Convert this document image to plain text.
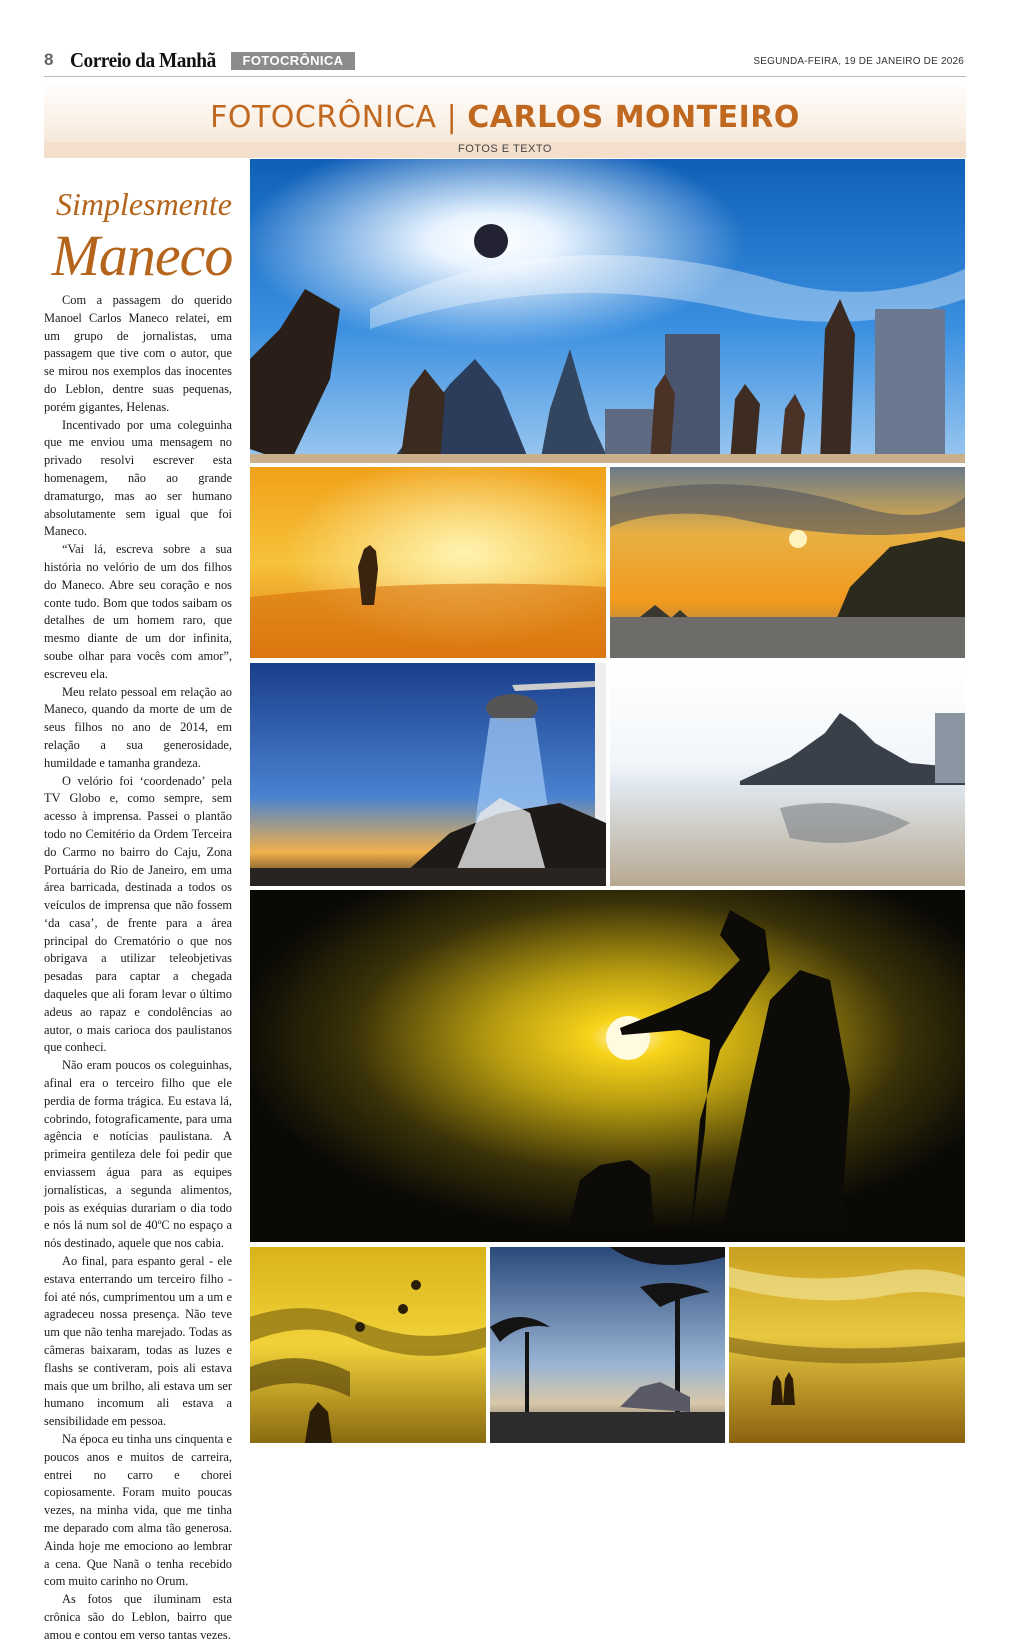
8 Correio da Manhã	FOTOCRÔNICA	SEGUNDA-FEIRA, 19 DE JANEIRO DE 2026
FOTOCRÔNICA | CARLOS MONTEIRO
FOTOS E TEXTO
Simplesmente
Maneco

Com a passagem do querido Manoel Carlos Maneco relatei, em um grupo de jornalistas, uma passagem que tive com o autor, que se mirou nos exemplos das inocentes do Leblon, dentre suas pequenas, porém gigantes, Helenas.

Incentivado por uma coleguinha que me enviou uma mensagem no privado resolvi escrever esta homenagem, não ao grande dramaturgo, mas ao ser humano absolutamente sem igual que foi Maneco.

“Vai lá, escreva sobre a sua história no velório de um dos filhos do Maneco. Abre seu coração e nos conte tudo. Bom que todos saibam os detalhes de um homem raro, que mesmo diante de um dor infinita, soube olhar para vocês com amor”, escreveu ela.

Meu relato pessoal em relação ao Maneco, quando da morte de um de seus filhos no ano de 2014, em relação a sua generosidade, humildade e tamanha grandeza.

O velório foi ‘coordenado’ pela TV Globo e, como sempre, sem acesso à imprensa. Passei o plantão todo no Cemitério da Ordem Terceira do Carmo no bairro do Caju, Zona Portuária do Rio de Janeiro, em uma área barricada, destinada a todos os veículos de imprensa que não fossem ‘da casa’, de frente para a área principal do Crematório o que nos obrigava a utilizar teleobjetivas pesadas para captar a chegada daqueles que ali foram levar o último adeus ao rapaz e condolências ao autor, o mais carioca dos paulistanos que conheci.

Não eram poucos os coleguinhas, afinal era o terceiro filho que ele perdia de forma trágica. Eu estava lá, cobrindo, fotograficamente, para uma agência e notícias paulistana. A primeira gentileza dele foi pedir que enviassem água para as equipes jornalísticas, a segunda alimentos, pois as exéquias durariam o dia todo e nós lá num sol de 40ºC no espaço a nós destinado, aquele que nos cabia.

Ao final, para espanto geral - ele estava enterrando um terceiro filho - foi até nós, cumprimentou um a um e agradeceu nossa presença. Não teve um que não tenha marejado. Todas as câmeras baixaram, todas as luzes e flashs se contiveram, pois ali estava mais que um brilho, ali estava um ser humano incomum ali estava a sensibilidade em pessoa.

Na época eu tinha uns cinquenta e poucos anos e muitos de carreira, entrei no carro e chorei copiosamente. Foram muito poucas vezes, na minha vida, que me tinha me deparado com alma tão generosa. Ainda hoje me emociono ao lembrar a cena. Que Nanã o tenha recebido com muito carinho no Orum.

As fotos que iluminam esta crônica são do Leblon, bairro que amou e contou em verso tantas vezes.
